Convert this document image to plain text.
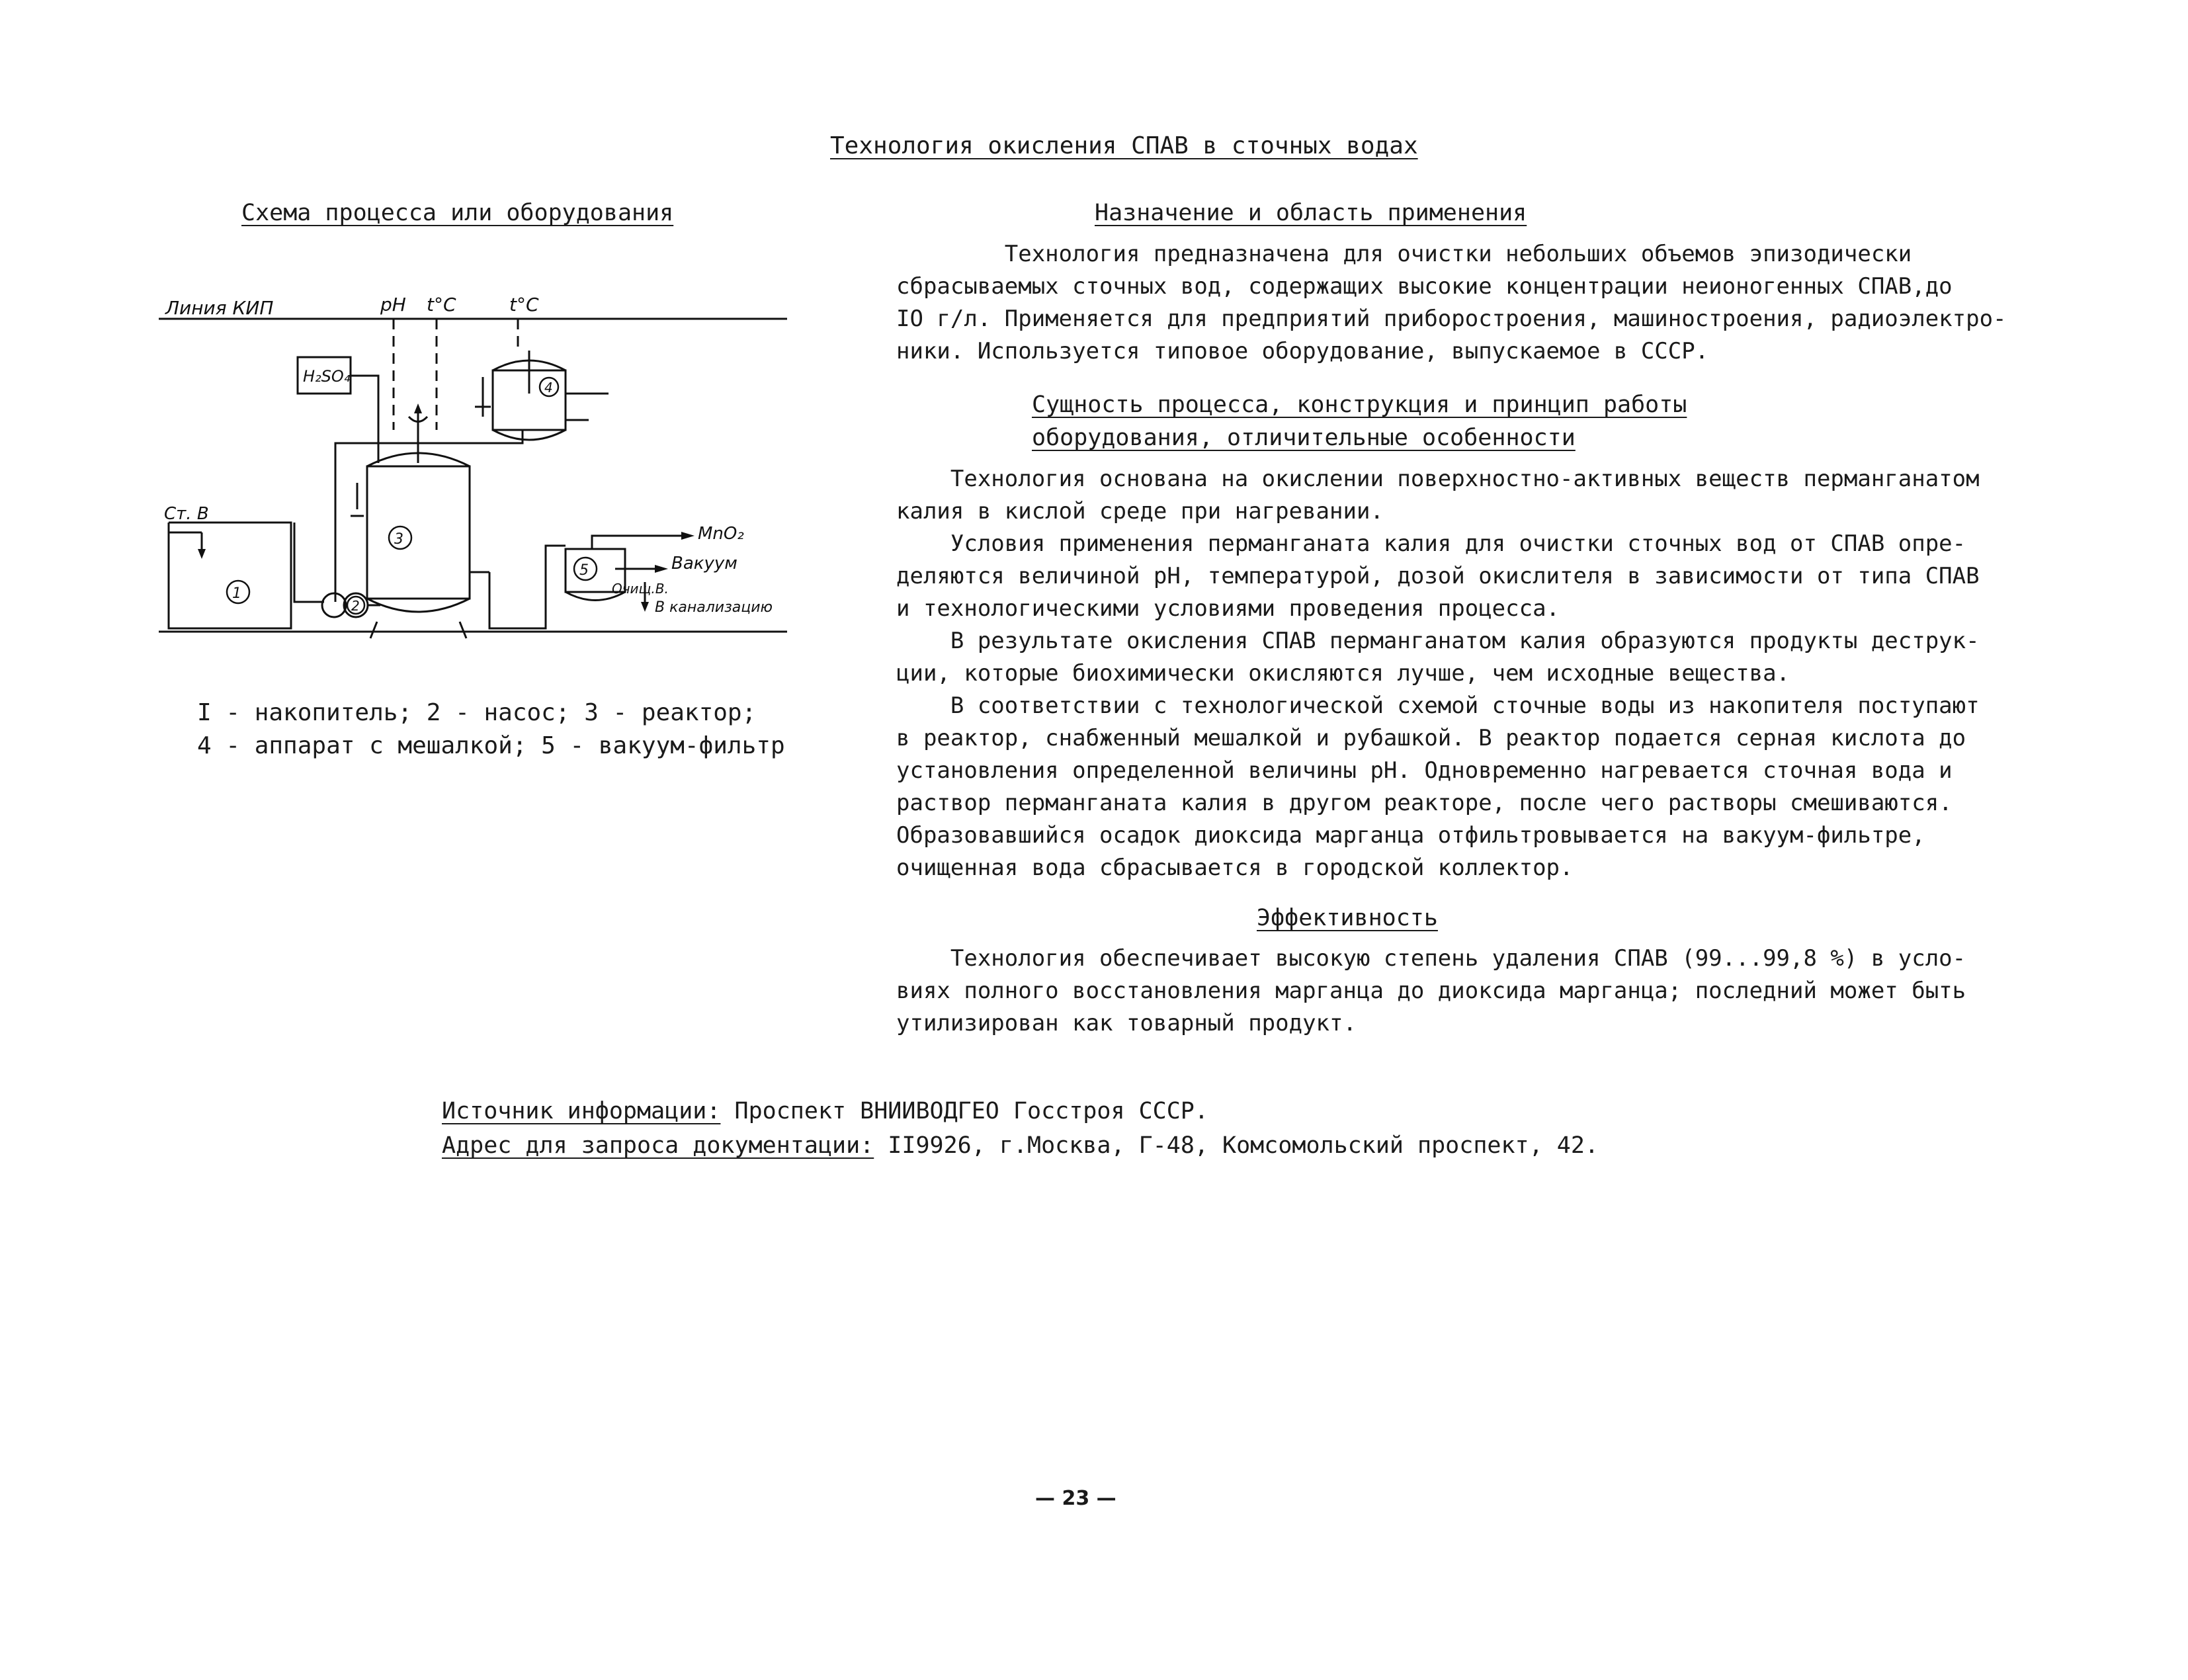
Технология окисления СПАВ в сточных водах
Схема процесса или оборудования
Линия КИП	pH t°C	t°C
H₂SO₄
Ст. В
MnO₂
Вакуум
Очищ.В.
В канализацию
1
2
3
4
5
I - накопитель; 2 - насос; 3 - реактор;
4 - аппарат с мешалкой; 5 - вакуум-фильтр
Назначение и область применения

Технология предназначена для очистки небольших объемов эпизодически

сбрасываемых сточных вод, содержащих высокие концентрации неионогенных СПАВ,до

IO г/л. Применяется для предприятий приборостроения, машиностроения, радиоэлектро-

ники. Используется типовое оборудование, выпускаемое в СССР.

Сущность процесса, конструкция и принцип работы
оборудования, отличительные особенности

Технология основана на окислении поверхностно-активных веществ перманганатом

калия в кислой среде при нагревании.

Условия применения перманганата калия для очистки сточных вод от СПАВ опре-

деляются величиной pH, температурой, дозой окислителя в зависимости от типа СПАВ

и технологическими условиями проведения процесса.

В результате окисления СПАВ перманганатом калия образуются продукты деструк-

ции, которые биохимически окисляются лучше, чем исходные вещества.

В соответствии с технологической схемой сточные воды из накопителя поступают

в реактор, снабженный мешалкой и рубашкой. В реактор подается серная кислота до

установления определенной величины pH. Одновременно нагревается сточная вода и

раствор перманганата калия в другом реакторе, после чего растворы смешиваются.

Образовавшийся осадок диоксида марганца отфильтровывается на вакуум-фильтре,

очищенная вода сбрасывается в городской коллектор.

Эффективность

Технология обеспечивает высокую степень удаления СПАВ (99...99,8 %) в усло-

виях полного восстановления марганца до диоксида марганца; последний может быть

утилизирован как товарный продукт.

Источник информации: Проспект ВНИИВОДГЕО Госстроя СССР.
Адрес для запроса документации: II9926, г.Москва, Г-48, Комсомольский проспект, 42.
— 23 —
